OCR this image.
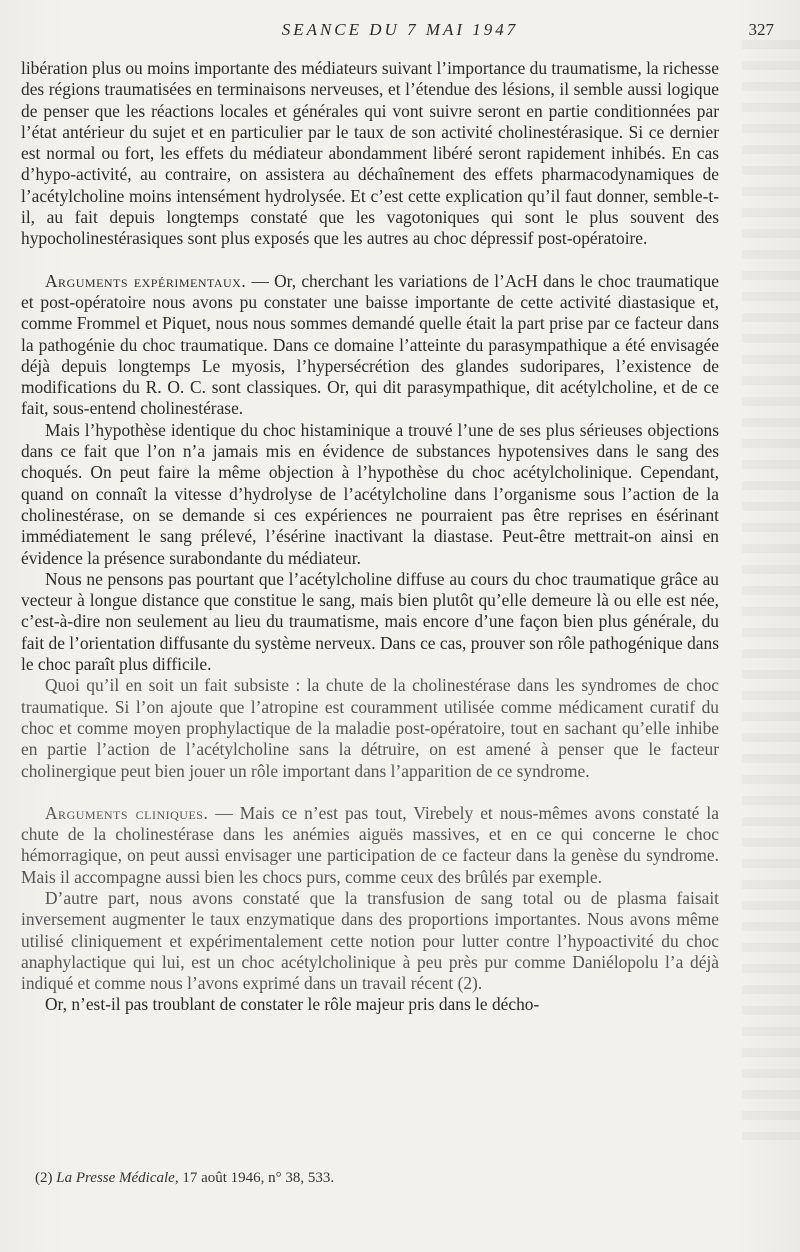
SEANCE DU 7 MAI 1947	327

libération plus ou moins importante des médiateurs suivant l’importance du traumatisme, la richesse des régions traumatisées en terminaisons nerveuses, et l’étendue des lésions, il semble aussi logique de penser que les réactions locales et générales qui vont suivre seront en partie conditionnées par l’état antérieur du sujet et en particulier par le taux de son activité cholinestérasique. Si ce dernier est normal ou fort, les effets du médiateur abondamment libéré seront rapidement inhibés. En cas d’hypo-activité, au contraire, on assistera au déchaînement des effets pharmacodynamiques de l’acétylcholine moins intensément hydrolysée. Et c’est cette explication qu’il faut donner, semble-t-il, au fait depuis longtemps constaté que les vagotoniques qui sont le plus souvent des hypocholinestérasiques sont plus exposés que les autres au choc dépressif post-opératoire.

Arguments expérimentaux. — Or, cherchant les variations de l’AcH dans le choc traumatique et post-opératoire nous avons pu constater une baisse importante de cette activité diastasique et, comme Frommel et Piquet, nous nous sommes demandé quelle était la part prise par ce facteur dans la pathogénie du choc traumatique. Dans ce domaine l’atteinte du parasympathique a été envisagée déjà depuis longtemps Le myosis, l’hypersécrétion des glandes sudoripares, l’existence de modifications du R. O. C. sont classiques. Or, qui dit parasympathique, dit acétylcholine, et de ce fait, sous-entend cholinestérase.

Mais l’hypothèse identique du choc histaminique a trouvé l’une de ses plus sérieuses objections dans ce fait que l’on n’a jamais mis en évidence de substances hypotensives dans le sang des choqués. On peut faire la même objection à l’hypothèse du choc acétylcholinique. Cependant, quand on connaît la vitesse d’hydrolyse de l’acétylcholine dans l’organisme sous l’action de la cholinestérase, on se demande si ces expériences ne pourraient pas être reprises en ésérinant immédiatement le sang prélevé, l’ésérine inactivant la diastase. Peut-être mettrait-on ainsi en évidence la présence surabondante du médiateur.

Nous ne pensons pas pourtant que l’acétylcholine diffuse au cours du choc traumatique grâce au vecteur à longue distance que constitue le sang, mais bien plutôt qu’elle demeure là ou elle est née, c’est-à-dire non seulement au lieu du traumatisme, mais encore d’une façon bien plus générale, du fait de l’orientation diffusante du système nerveux. Dans ce cas, prouver son rôle pathogénique dans le choc paraît plus difficile.

Quoi qu’il en soit un fait subsiste : la chute de la cholinestérase dans les syndromes de choc traumatique. Si l’on ajoute que l’atropine est couramment utilisée comme médicament curatif du choc et comme moyen prophylactique de la maladie post-opératoire, tout en sachant qu’elle inhibe en partie l’action de l’acétylcholine sans la détruire, on est amené à penser que le facteur cholinergique peut bien jouer un rôle important dans l’apparition de ce syndrome.

Arguments cliniques. — Mais ce n’est pas tout, Virebely et nous-mêmes avons constaté la chute de la cholinestérase dans les anémies aiguës massives, et en ce qui concerne le choc hémorragique, on peut aussi envisager une participation de ce facteur dans la genèse du syndrome. Mais il accompagne aussi bien les chocs purs, comme ceux des brûlés par exemple.

D’autre part, nous avons constaté que la transfusion de sang total ou de plasma faisait inversement augmenter le taux enzymatique dans des proportions importantes. Nous avons même utilisé cliniquement et expérimentalement cette notion pour lutter contre l’hypoactivité du choc anaphylactique qui lui, est un choc acétylcholinique à peu près pur comme Daniélopolu l’a déjà indiqué et comme nous l’avons exprimé dans un travail récent (2).

Or, n’est-il pas troublant de constater le rôle majeur pris dans le décho-

(2) La Presse Médicale, 17 août 1946, n° 38, 533.
